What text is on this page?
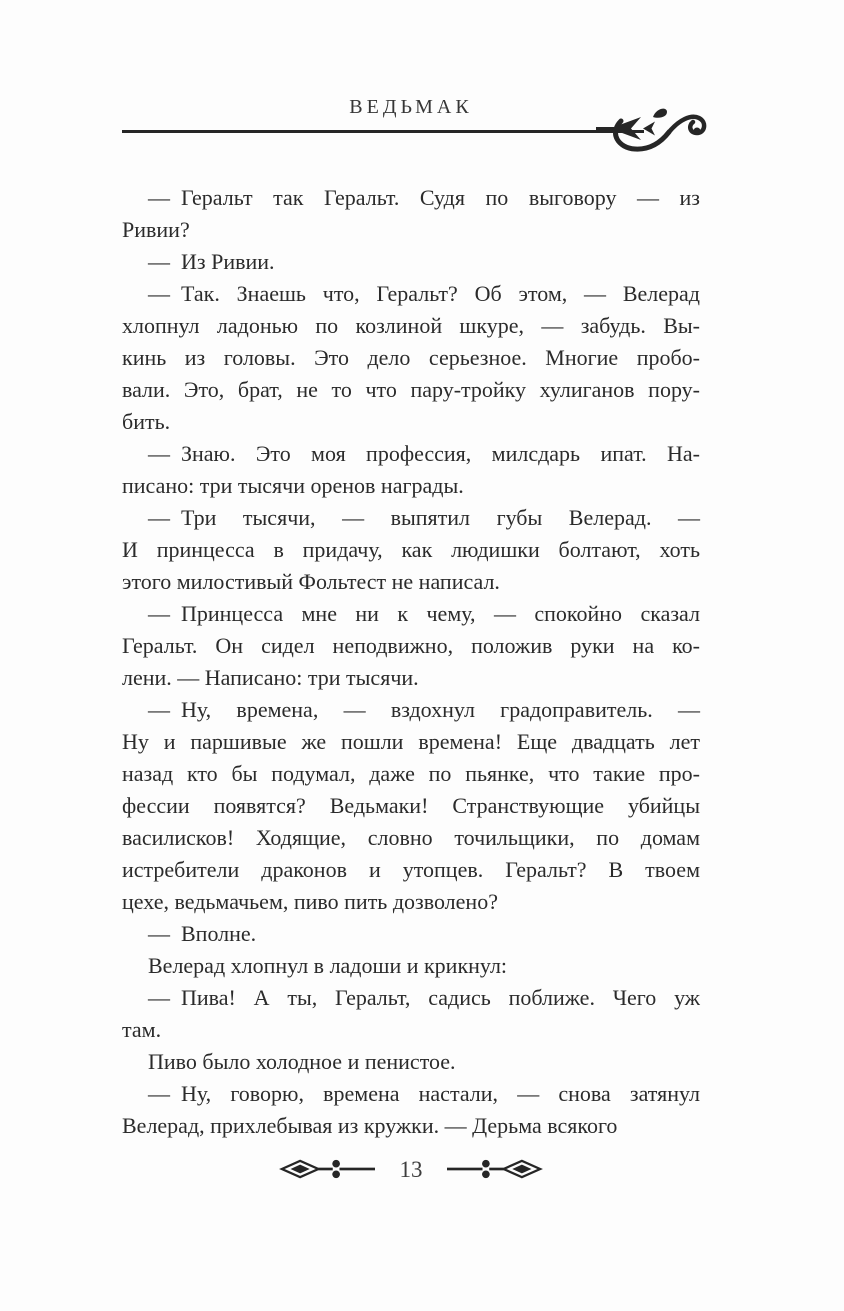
ВЕДЬМАК
— Геральт так Геральт. Судя по выговору — из
Ривии?
— Из Ривии.
— Так. Знаешь что, Геральт? Об этом, — Велерад
хлопнул ладонью по козлиной шкуре, — забудь. Вы-
кинь из головы. Это дело серьезное. Многие пробо-
вали. Это, брат, не то что пару-тройку хулиганов пору-
бить.
— Знаю. Это моя профессия, милсдарь ипат. На-
писано: три тысячи оренов награды.
— Три тысячи, — выпятил губы Велерад. —
И принцесса в придачу, как людишки болтают, хоть
этого милостивый Фольтест не написал.
— Принцесса мне ни к чему, — спокойно сказал
Геральт. Он сидел неподвижно, положив руки на ко-
лени. — Написано: три тысячи.
— Ну, времена, — вздохнул градоправитель. —
Ну и паршивые же пошли времена! Еще двадцать лет
назад кто бы подумал, даже по пьянке, что такие про-
фессии появятся? Ведьмаки! Странствующие убийцы
василисков! Ходящие, словно точильщики, по домам
истребители драконов и утопцев. Геральт? В твоем
цехе, ведьмачьем, пиво пить дозволено?
— Вполне.
Велерад хлопнул в ладоши и крикнул:
— Пива! А ты, Геральт, садись поближе. Чего уж
там.
Пиво было холодное и пенистое.
— Ну, говорю, времена настали, — снова затянул
Велерад, прихлебывая из кружки. — Дерьма всякого
13
